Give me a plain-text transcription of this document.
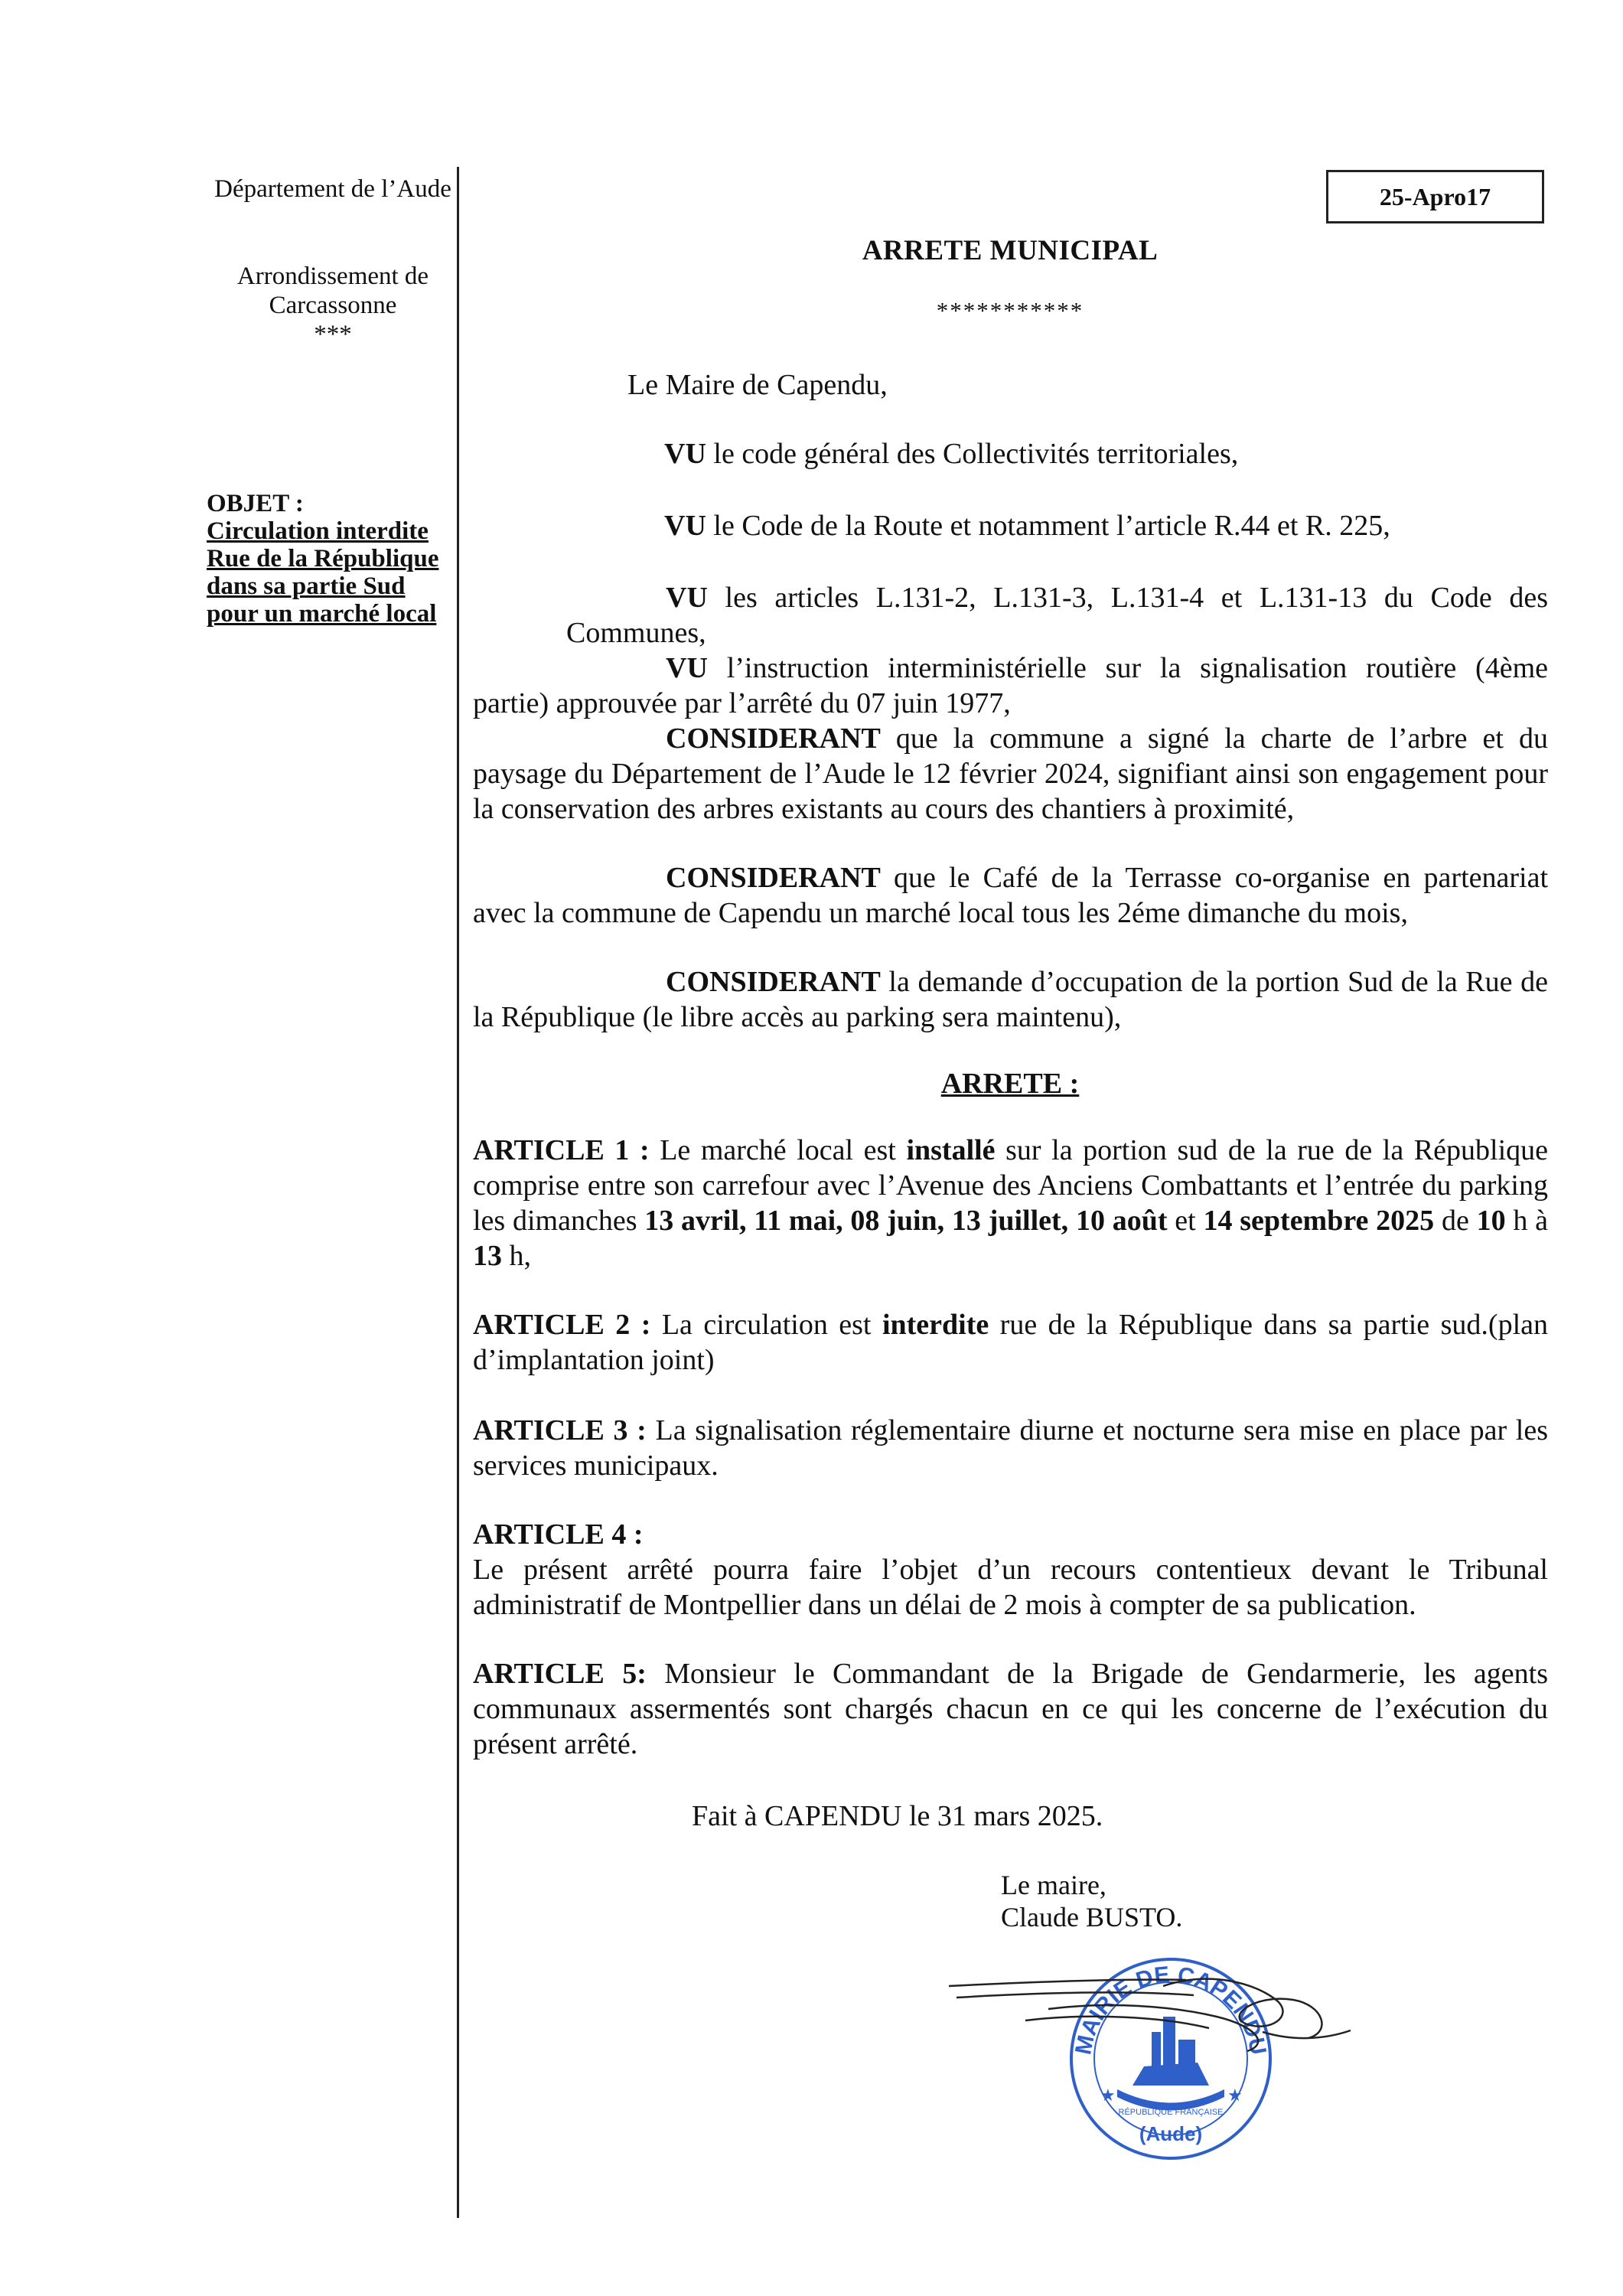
Département de l’Aude
Arrondissement de Carcassonne
***
OBJET :
Circulation interdite
Rue de la République
dans sa partie Sud
pour un marché local
25-Apro17
ARRETE MUNICIPAL
***********

Le Maire de Capendu,

VU le code général des Collectivités territoriales,

VU le Code de la Route et notamment l’article R.44 et R. 225,

VU les articles L.131-2, L.131-3, L.131-4 et L.131-13 du Code des Communes,

VU l’instruction interministérielle sur la signalisation routière (4ème partie) approuvée par l’arrêté du 07 juin 1977,

CONSIDERANT que la commune a signé la charte de l’arbre et du paysage du Département de l’Aude le 12 février 2024, signifiant ainsi son engagement pour la conservation des arbres existants au cours des chantiers à proximité,

CONSIDERANT que le Café de la Terrasse co-organise en partenariat avec la commune de Capendu un marché local tous les 2éme dimanche du mois,

CONSIDERANT la demande d’occupation de la portion Sud de la Rue de la République (le libre accès au parking sera maintenu),

ARRETE :

ARTICLE 1 : Le marché local est installé sur la portion sud de la rue de la République comprise entre son carrefour avec l’Avenue des Anciens Combattants et l’entrée du parking les dimanches 13 avril, 11 mai, 08 juin, 13 juillet, 10 août et 14 septembre 2025 de 10 h à 13 h,

ARTICLE 2 : La circulation est interdite rue de la République dans sa partie sud.(plan d’implantation joint)

ARTICLE 3 : La signalisation réglementaire diurne et nocturne sera mise en place par les services municipaux.

ARTICLE 4 :
Le présent arrêté pourra faire l’objet d’un recours contentieux devant le Tribunal administratif de Montpellier dans un délai de 2 mois à compter de sa publication.

ARTICLE 5: Monsieur le Commandant de la Brigade de Gendarmerie, les agents communaux assermentés sont chargés chacun en ce qui les concerne de l’exécution du présent arrêté.

Fait à CAPENDU le 31 mars 2025.

Le maire,

Claude BUSTO.

MAIRIE DE CAPENDU
★	★
RÉPUBLIQUE FRANÇAISE
(Aude)
